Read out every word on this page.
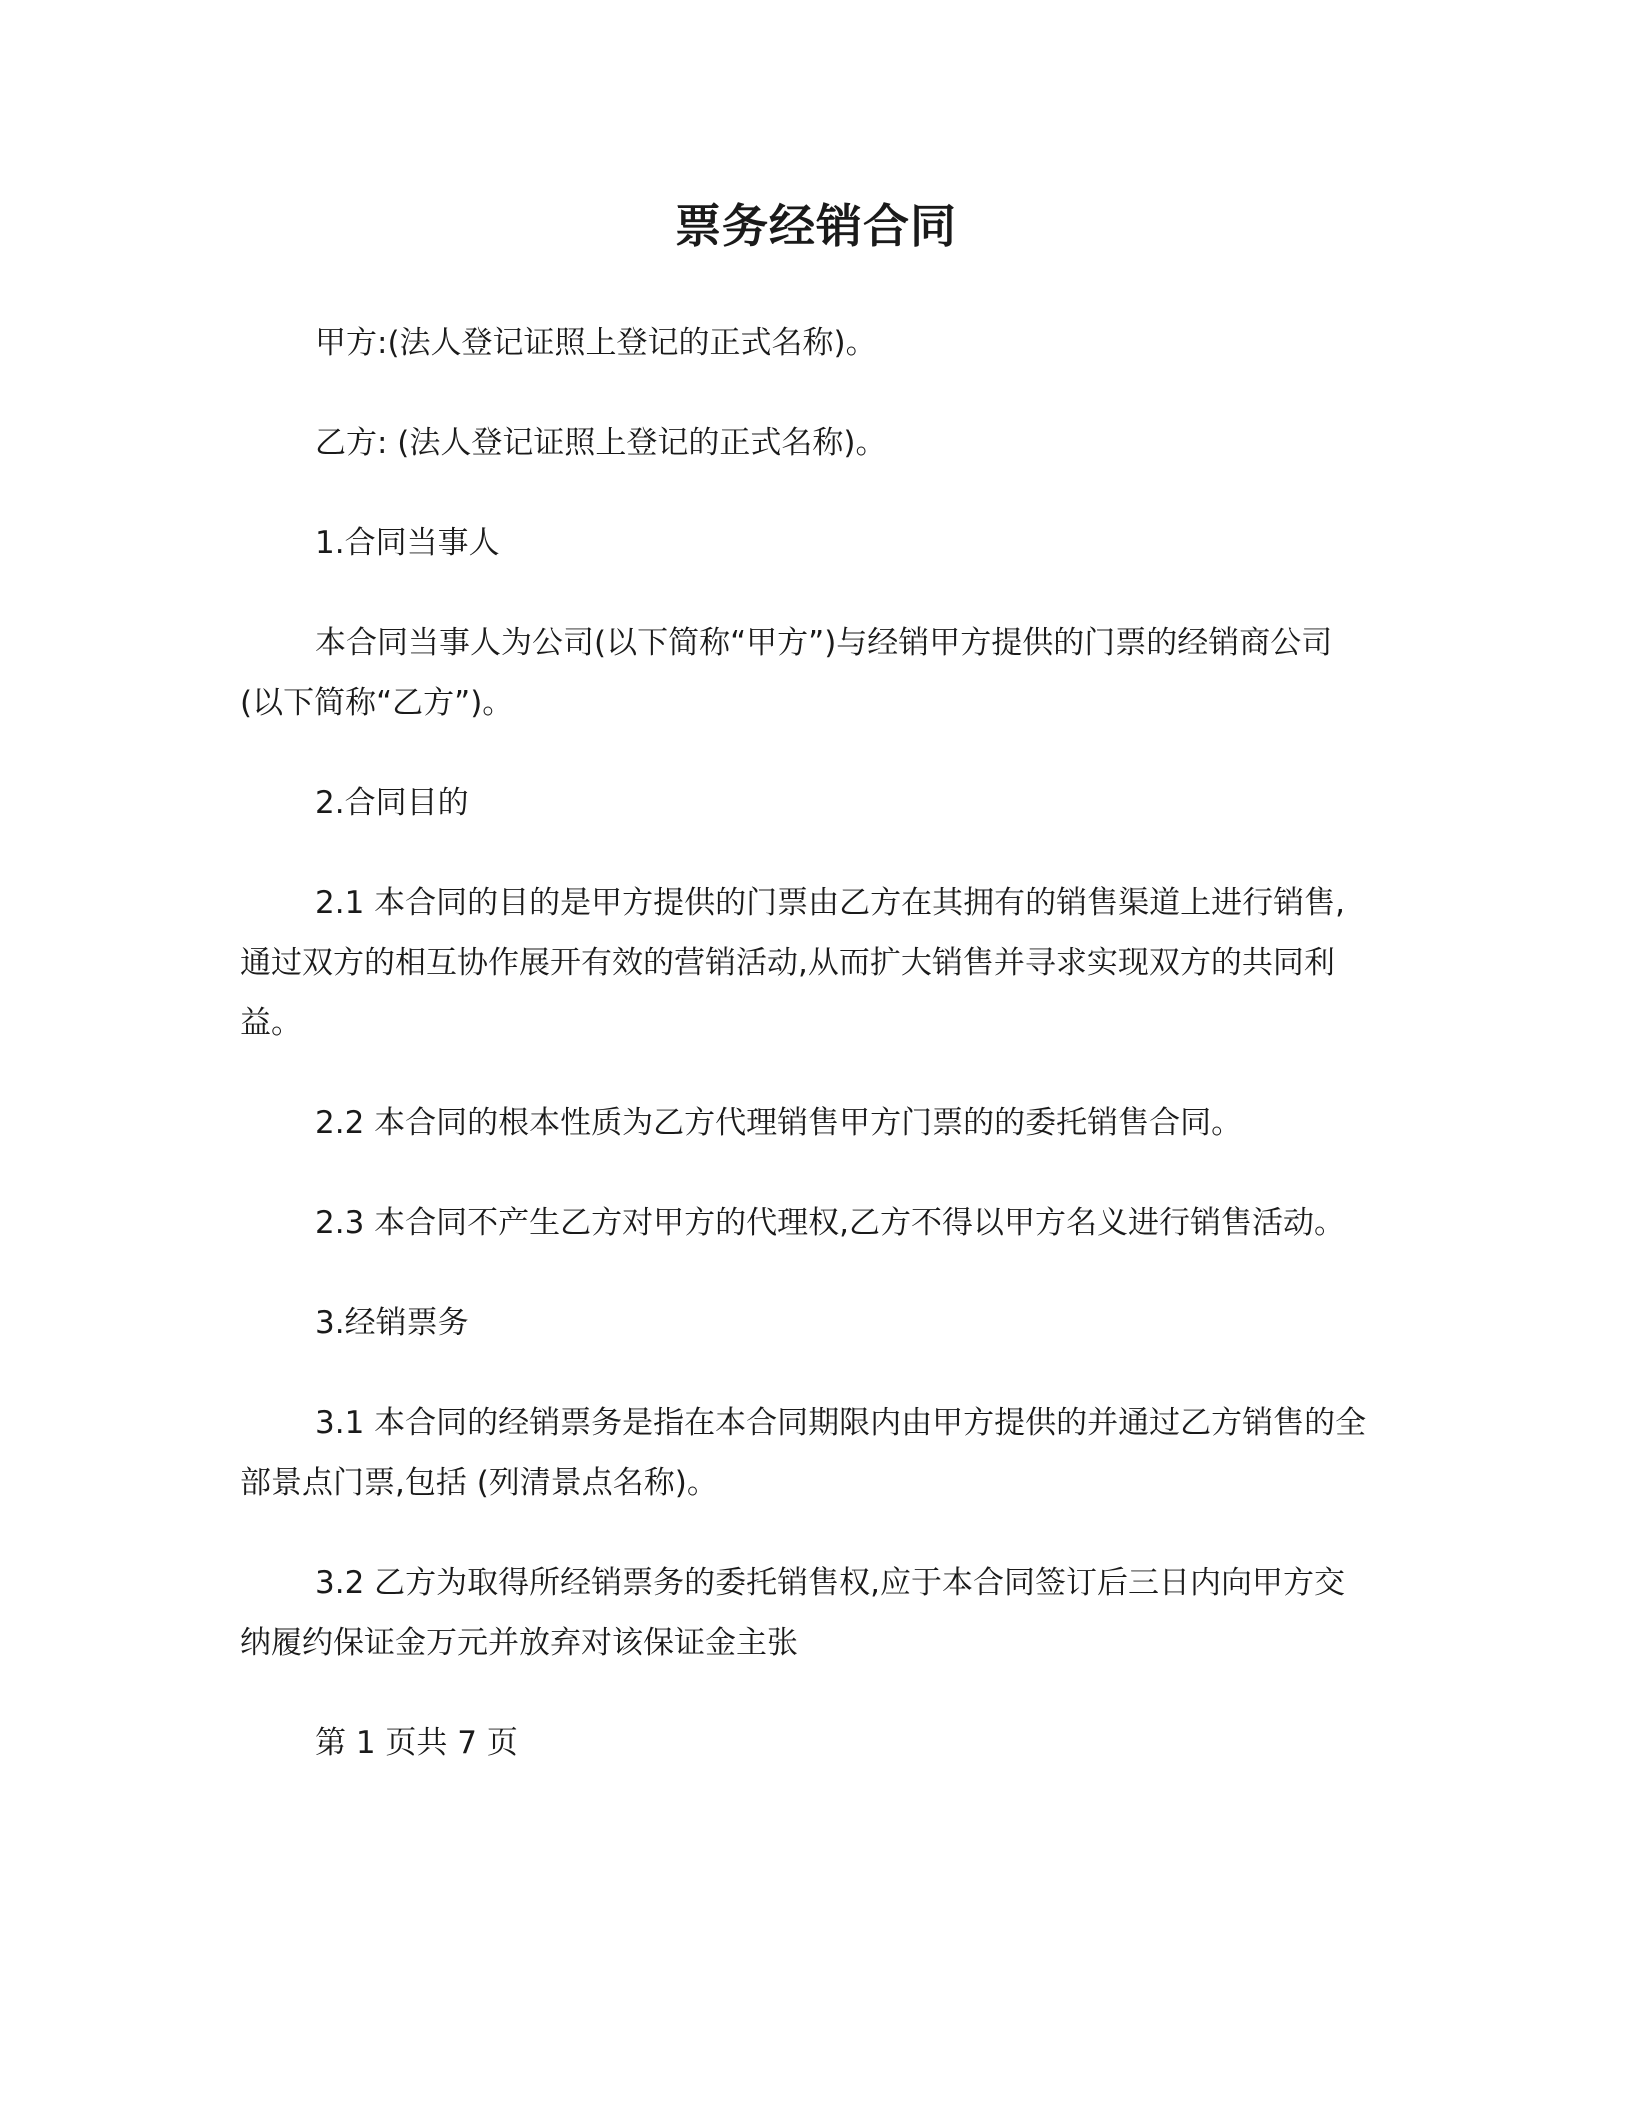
票务经销合同

甲方:(法人登记证照上登记的正式名称)。

乙方: (法人登记证照上登记的正式名称)。

1.合同当事人

本合同当事人为公司(以下简称“甲方”)与经销甲方提供的门票的经销商公司(以下简称“乙方”)。

2.合同目的

2.1 本合同的目的是甲方提供的门票由乙方在其拥有的销售渠道上进行销售,通过双方的相互协作展开有效的营销活动,从而扩大销售并寻求实现双方的共同利益。

2.2 本合同的根本性质为乙方代理销售甲方门票的的委托销售合同。

2.3 本合同不产生乙方对甲方的代理权,乙方不得以甲方名义进行销售活动。

3.经销票务

3.1 本合同的经销票务是指在本合同期限内由甲方提供的并通过乙方销售的全部景点门票,包括 (列清景点名称)。

3.2 乙方为取得所经销票务的委托销售权,应于本合同签订后三日内向甲方交纳履约保证金万元并放弃对该保证金主张

第 1 页共 7 页
